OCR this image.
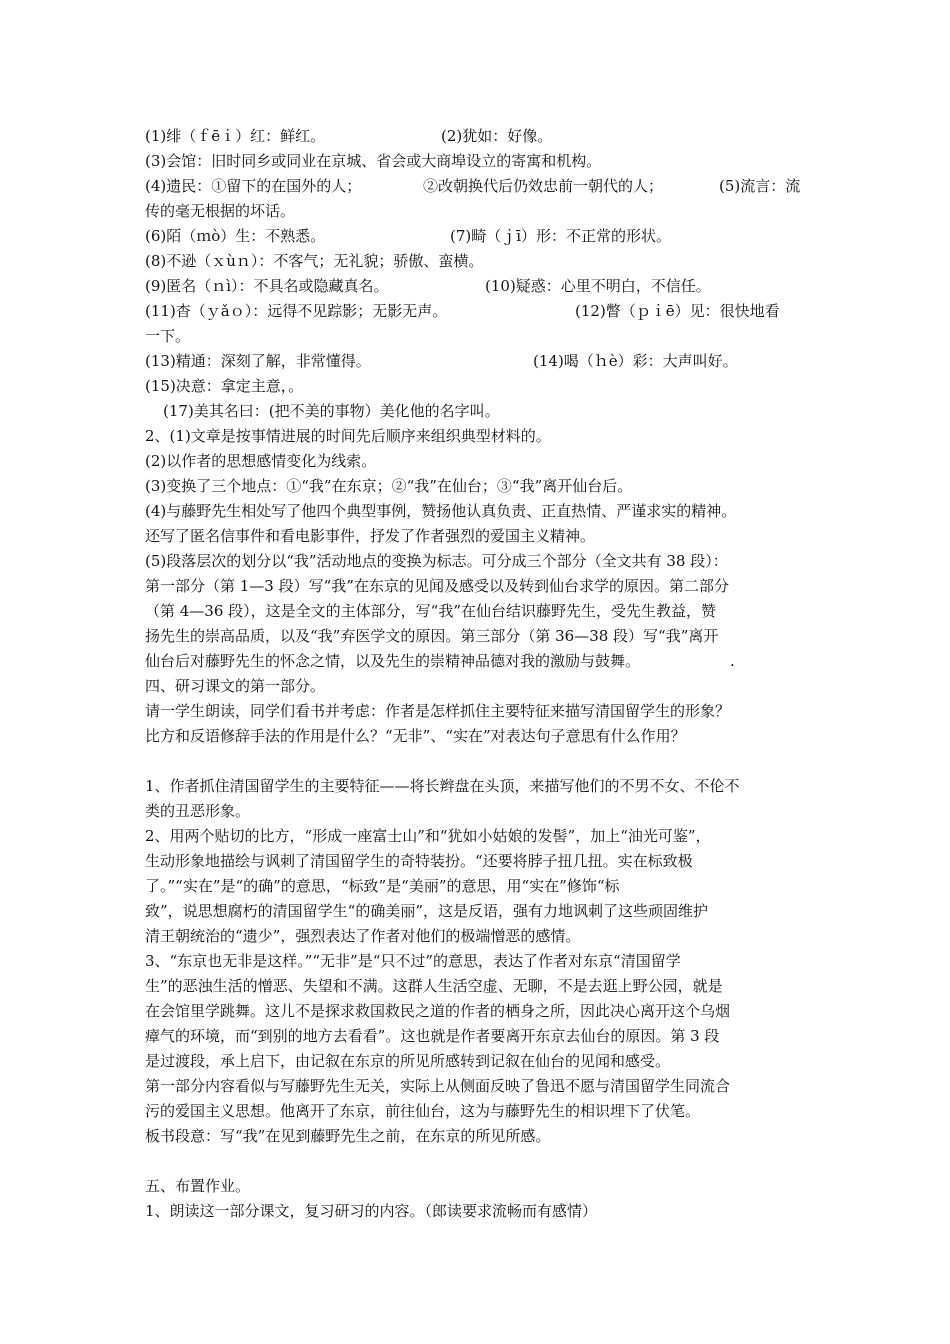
(1)绯（ｆēｉ）红：鲜红。	(2)犹如：好像。

(3)会馆：旧时同乡或同业在京城、省会或大商埠设立的寄寓和机构。

(4)遗民：①留下的在国外的人；	②改朝换代后仍效忠前一朝代的人；	(5)流言：流

传的毫无根据的坏话。

(6)陌（ｍò）生：不熟悉。	(7)畸（ｊī）形：不正常的形状。

(8)不逊（ｘùｎ）：不客气；无礼貌；骄傲、蛮横。

(9)匿名（ｎì）：不具名或隐藏真名。	(10)疑惑：心里不明白，不信任。

(11)杳（ｙǎｏ）：远得不见踪影；无影无声。	(12)瞥（ｐｉē）见：很快地看

一下。

(13)精通：深刻了解，非常懂得。	(14)喝（ｈè）彩：大声叫好。

(15)决意：拿定主意，。

(17)美其名曰：(把不美的事物）美化他的名字叫。

2、(1)文章是按事情进展的时间先后顺序来组织典型材料的。

(2)以作者的思想感情变化为线索。

(3)变换了三个地点：①“我”在东京；②“我”在仙台；③“我”离开仙台后。

(4)与藤野先生相处写了他四个典型事例，赞扬他认真负责、正直热情、严谨求实的精神。

还写了匿名信事件和看电影事件，抒发了作者强烈的爱国主义精神。

(5)段落层次的划分以“我”活动地点的变换为标志。可分成三个部分（全文共有 38 段）：

第一部分（第 1—3 段）写“我”在东京的见闻及感受以及转到仙台求学的原因。第二部分

（第 4—36 段），这是全文的主体部分，写“我”在仙台结识藤野先生，受先生教益，赞

扬先生的崇高品质，以及“我”弃医学文的原因。第三部分（第 36—38 段）写“我”离开

仙台后对藤野先生的怀念之情，以及先生的崇精神品德对我的激励与鼓舞。	.

四、研习课文的第一部分。

请一学生朗读，同学们看书并考虑：作者是怎样抓住主要特征来描写清国留学生的形象？

比方和反语修辞手法的作用是什么？“无非”、“实在”对表达句子意思有什么作用？

1、作者抓住清国留学生的主要特征——将长辫盘在头顶，来描写他们的不男不女、不伦不

类的丑恶形象。

2、用两个贴切的比方，“形成一座富士山”和“犹如小姑娘的发髻”，加上“油光可鉴”，

生动形象地描绘与讽刺了清国留学生的奇特装扮。“还要将脖子扭几扭。实在标致极

了。”“实在”是“的确”的意思，“标致”是“美丽”的意思，用“实在”修饰“标

致”，说思想腐朽的清国留学生“的确美丽”，这是反语，强有力地讽刺了这些顽固维护

清王朝统治的“遗少”，强烈表达了作者对他们的极端憎恶的感情。

3、“东京也无非是这样。”“无非”是“只不过”的意思，表达了作者对东京“清国留学

生”的恶浊生活的憎恶、失望和不满。这群人生活空虚、无聊，不是去逛上野公园，就是

在会馆里学跳舞。这儿不是探求救国救民之道的作者的栖身之所，因此决心离开这个乌烟

瘴气的环境，而“到别的地方去看看”。这也就是作者要离开东京去仙台的原因。第 3 段

是过渡段，承上启下，由记叙在东京的所见所感转到记叙在仙台的见闻和感受。

第一部分内容看似与写藤野先生无关，实际上从侧面反映了鲁迅不愿与清国留学生同流合

污的爱国主义思想。他离开了东京，前往仙台，这为与藤野先生的相识埋下了伏笔。

板书段意：写“我”在见到藤野先生之前，在东京的所见所感。

五、布置作业。

1、朗读这一部分课文，复习研习的内容。（郎读要求流畅而有感情）
